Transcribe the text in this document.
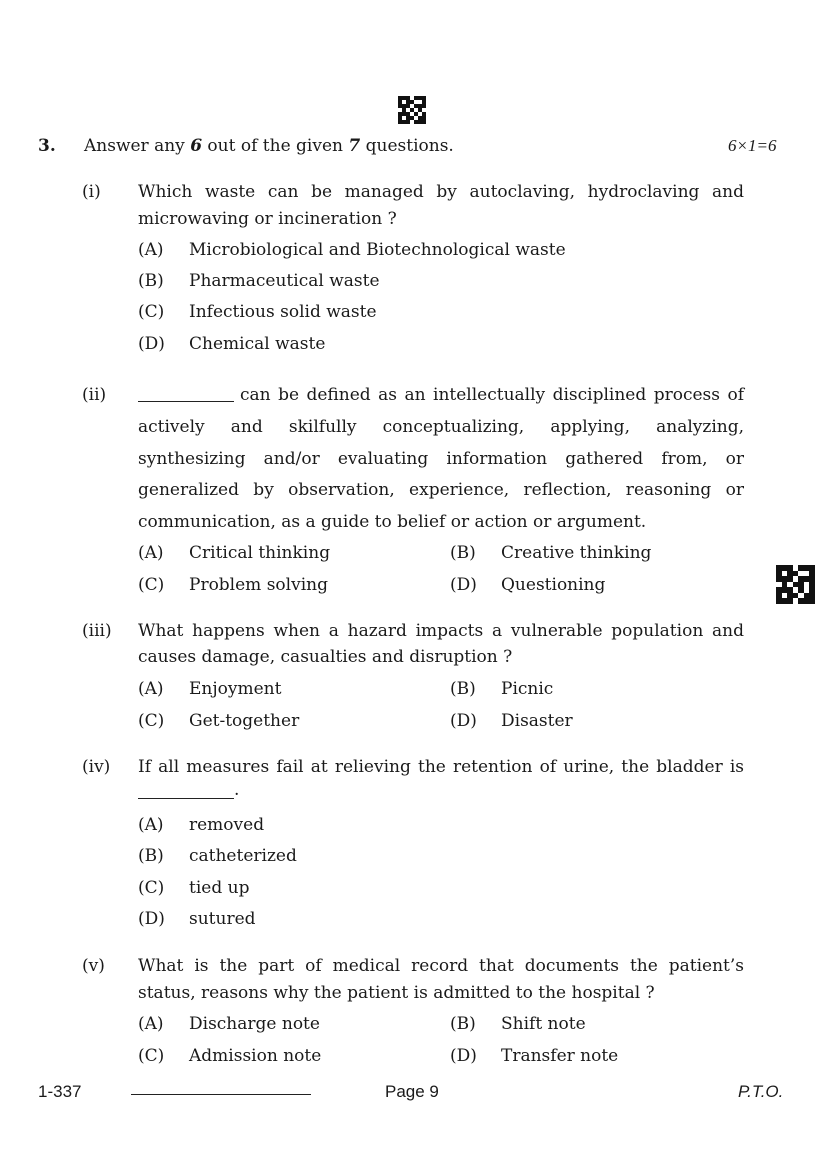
3. Answer any 6 out of the given 7 questions.	6×1=6
(i) Which waste can be managed by autoclaving, hydroclaving and
microwaving or incineration ?
(A) Microbiological and Biotechnological waste
(B) Pharmaceutical waste
(C) Infectious solid waste
(D) Chemical waste
(ii)	can be defined as an intellectually disciplined process of
actively and skilfully conceptualizing, applying, analyzing,
synthesizing and/or evaluating information gathered from, or
generalized by observation, experience, reflection, reasoning or
communication, as a guide to belief or action or argument.
(A) Critical thinking	(B) Creative thinking
(C) Problem solving	(D) Questioning
(iii) What happens when a hazard impacts a vulnerable population and
causes damage, casualties and disruption ?
(A) Enjoyment	(B) Picnic
(C) Get-together	(D) Disaster
(iv) If all measures fail at relieving the retention of urine, the bladder is
.
(A) removed
(B) catheterized
(C) tied up
(D) sutured
(v) What is the part of medical record that documents the patient’s
status, reasons why the patient is admitted to the hospital ?
(A) Discharge note	(B) Shift note
(C) Admission note	(D) Transfer note
1-337	Page 9	P.T.O.
